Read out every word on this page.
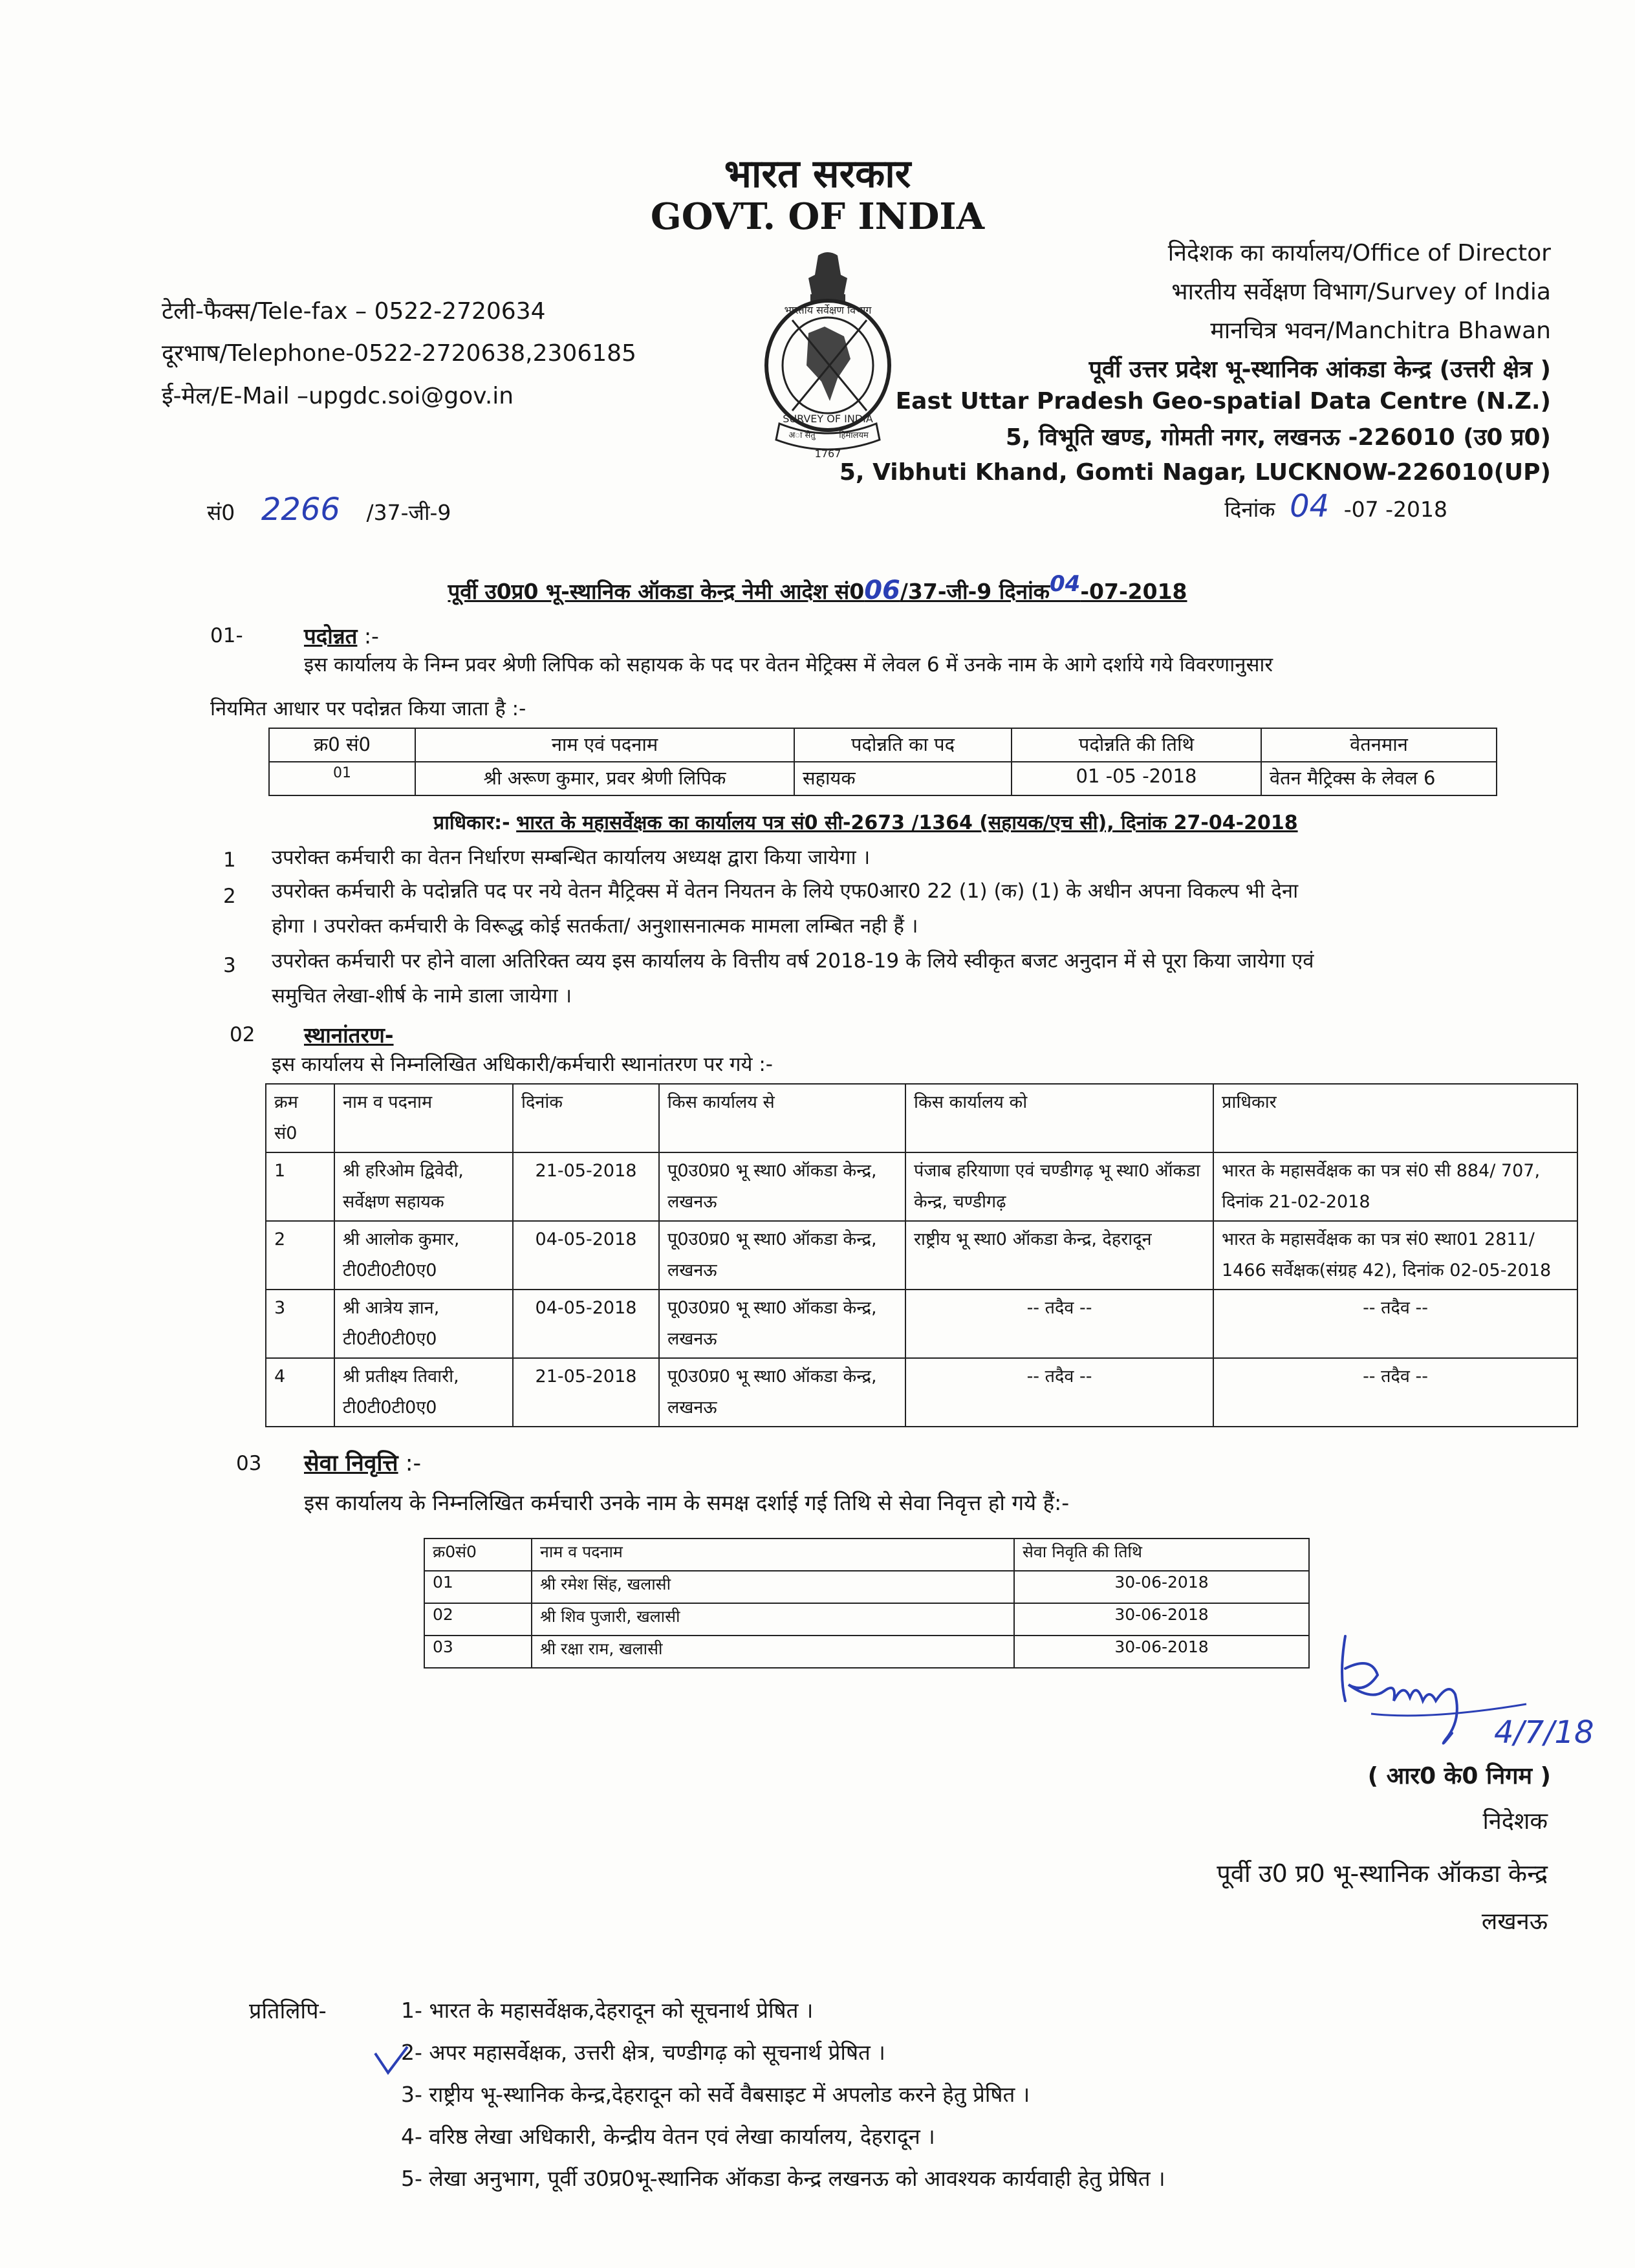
भारत सरकार
GOVT. OF INDIA
टेली-फैक्स/Tele-fax – 0522-2720634
दूरभाष/Telephone-0522-2720638,2306185
ई-मेल/E-Mail –upgdc.soi@gov.in
भारतीय सर्वेक्षण विभाग
SURVEY OF INDIA
अा सेतु	हिमालयम
1767
निदेशक का कार्यालय/Office of Director
भारतीय सर्वेक्षण विभाग/Survey of India
मानचित्र भवन/Manchitra Bhawan
पूर्वी उत्तर प्रदेश भू-स्थानिक आंकडा केन्द्र (उत्तरी क्षेत्र )
East Uttar Pradesh Geo-spatial Data Centre (N.Z.)
5, विभूति खण्ड, गोमती नगर, लखनऊ -226010 (उ0 प्र0)
5, Vibhuti Khand, Gomti Nagar, LUCKNOW-226010(UP)
सं0 2266 /37-जी-9	दिनांक 04 -07 -2018
पूर्वी उ0प्र0 भू-स्थानिक ऑकडा केन्द्र नेमी आदेश सं006/37-जी-9 दिनांक$^{04}$-07-2018
01-	पदोन्नत :-
इस कार्यालय के निम्न प्रवर श्रेणी लिपिक को सहायक के पद पर वेतन मेट्रिक्स में लेवल 6 में उनके नाम के आगे दर्शाये गये विवरणानुसार
नियमित आधार पर पदोन्नत किया जाता है :-
क्र0 सं0	नाम एवं पदनाम	पदोन्नति का पद	पदोन्नति की तिथि	वेतनमान
01	श्री अरूण कुमार, प्रवर श्रेणी लिपिक	सहायक	01 -05 -2018	वेतन मैट्रिक्स के लेवल 6
प्राधिकार:- भारत के महासर्वेक्षक का कार्यालय पत्र सं0 सी-2673 /1364 (सहायक/एच सी), दिनांक 27-04-2018
1 उपरोक्त कर्मचारी का वेतन निर्धारण सम्बन्धित कार्यालय अध्यक्ष द्वारा किया जायेगा ।
2 उपरोक्त कर्मचारी के पदोन्नति पद पर नये वेतन मैट्रिक्स में वेतन नियतन के लिये एफ0आर0 22 (1) (क) (1) के अधीन अपना विकल्प भी देना
होगा । उपरोक्त कर्मचारी के विरूद्ध कोई सतर्कता/ अनुशासनात्मक मामला लम्बित नही हैं ।
3 उपरोक्त कर्मचारी पर होने वाला अतिरिक्त व्यय इस कार्यालय के वित्तीय वर्ष 2018-19 के लिये स्वीकृत बजट अनुदान में से पूरा किया जायेगा एवं
समुचित लेखा-शीर्ष के नामे डाला जायेगा ।
02 स्थानांतरण-
इस कार्यालय से निम्नलिखित अधिकारी/कर्मचारी स्थानांतरण पर गये :-
क्रम सं0	नाम व पदनाम	दिनांक	किस कार्यालय से	किस कार्यालय को	प्राधिकार
1	श्री हरिओम द्विवेदी, सर्वेक्षण सहायक	21-05-2018	पू0उ0प्र0 भू स्था0 ऑकडा केन्द्र, लखनऊ	पंजाब हरियाणा एवं चण्डीगढ़ भू स्था0 ऑकडा केन्द्र, चण्डीगढ़	भारत के महासर्वेक्षक का पत्र सं0 सी 884/ 707, दिनांक 21-02-2018
2	श्री आलोक कुमार, टी0टी0टी0ए0	04-05-2018	पू0उ0प्र0 भू स्था0 ऑकडा केन्द्र, लखनऊ	राष्ट्रीय भू स्था0 ऑकडा केन्द्र, देहरादून	भारत के महासर्वेक्षक का पत्र सं0 स्था01 2811/ 1466 सर्वेक्षक(संग्रह 42), दिनांक 02-05-2018
3	श्री आत्रेय ज्ञान, टी0टी0टी0ए0	04-05-2018	पू0उ0प्र0 भू स्था0 ऑकडा केन्द्र, लखनऊ	-- तदैव --	-- तदैव --
4	श्री प्रतीक्ष्य तिवारी, टी0टी0टी0ए0	21-05-2018	पू0उ0प्र0 भू स्था0 ऑकडा केन्द्र, लखनऊ	-- तदैव --	-- तदैव --
03 सेवा निवृत्ति :-
इस कार्यालय के निम्नलिखित कर्मचारी उनके नाम के समक्ष दर्शाई गई तिथि से सेवा निवृत्त हो गये हैं:-
क्र0सं0	नाम व पदनाम	सेवा निवृति की तिथि
01	श्री रमेश सिंह, खलासी	30-06-2018
02	श्री शिव पुजारी, खलासी	30-06-2018
03	श्री रक्षा राम, खलासी	30-06-2018
4/7/18
( आर0 के0 निगम )
निदेशक
पूर्वी उ0 प्र0 भू-स्थानिक ऑकडा केन्द्र
लखनऊ
प्रतिलिपि-	1- भारत के महासर्वेक्षक,देहरादून को सूचनार्थ प्रेषित ।
2- अपर महासर्वेक्षक, उत्तरी क्षेत्र, चण्डीगढ़ को सूचनार्थ प्रेषित ।
3- राष्ट्रीय भू-स्थानिक केन्द्र,देहरादून को सर्वे वैबसाइट में अपलोड करने हेतु प्रेषित ।
4- वरिष्ठ लेखा अधिकारी, केन्द्रीय वेतन एवं लेखा कार्यालय, देहरादून ।
5- लेखा अनुभाग, पूर्वी उ0प्र0भू-स्थानिक ऑकडा केन्द्र लखनऊ को आवश्यक कार्यवाही हेतु प्रेषित ।
